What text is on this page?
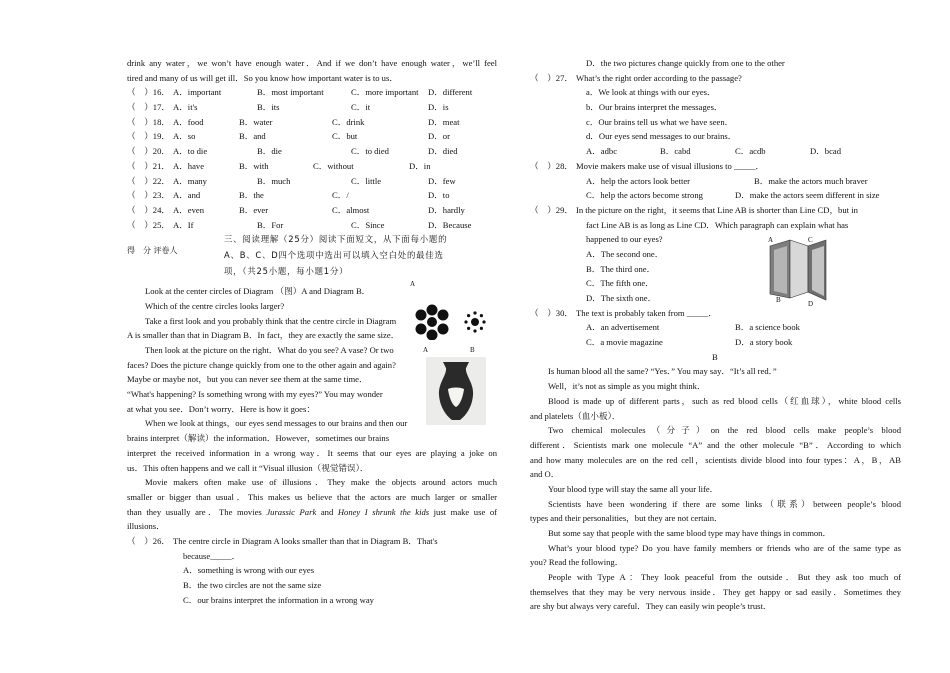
drink any water，we won’t have enough water．And if we don’t have enough water，we’ll feel
tired and many of us will get ill．So you know how important water is to us．
（　）16． A．important	B．most important	C．more important D．different
（　）17． A．it's	B．its	C．it	D．is
（　）18． A．food	B．water	C．drink	D．meat
（　）19． A．so	B．and	C．but	D．or
（　）20． A．to die	B．die	C．to died	D．died
（　）21． A．have	B．with	C．without	D．in
（　）22． A．many	B．much	C．little	D．few
（　）23． A．and	B．the	C．/	D．to
（　）24． A．even	B．ever	C．almost	D．hardly
（　）25． A．If	B．For	C．Since	D．Because
得　分 评卷人
三、阅读理解（25分）阅读下面短文，从下面每小题的
A、B、C、D四个选项中选出可以填入空白处的最佳选
项，（共25小题，每小题1分）
Look at the center circles of Diagram （图）A and Diagram B．
Which of the centre circles looks larger?
Take a first look and you probably think that the centre circle in Diagram
A is smaller than that in Diagram B．In fact，they are exactly the same size．
Then look at the picture on the right．What do you see? A vase? Or two
faces? Does the picture change quickly from one to the other again and again?
Maybe or maybe not，but you can never see them at the same time．
“What's happening? Is something wrong with my eyes?” You may wonder
at what you see．Don’t worry．Here is how it goes：
When we look at things，our eyes send messages to our brains and then our
brains interpret（解读）the information．However，sometimes our brains
interpret the received information in a wrong way．It seems that our eyes are playing a joke on
us．This often happens and we call it “Visual illusion（视觉错误）．
Movie makers often make use of illusions．They make the objects around actors much
smaller or bigger than usual．This makes us believe that the actors are much larger or smaller
than they usually are．The movies Jurassic Park and Honey I shrunk the kids just make use of
illusions．
（　）26． The centre circle in Diagram A looks smaller than that in Diagram B．That's
because_____．
A．something is wrong with our eyes
B．the two circles are not the same size
C．our brains interpret the information in a wrong way
A
A	B
D．the two pictures change quickly from one to the other
（　）27． What’s the right order according to the passage?
a．We look at things with our eyes．
b．Our brains interpret the messages．
c．Our brains tell us what we have seen．
d．Our eyes send messages to our brains．
A．adbc	B．cabd	C．acdb	D．bcad
（　）28． Movie makers make use of visual illusions to _____．
A．help the actors look better	B．make the actors much braver
C．help the actors become strong	D．make the actors seem different in size
（　）29． In the picture on the right，it seems that Line AB is shorter than Line CD，but in
fact Line AB is as long as Line CD．Which paragraph can explain what has
happened to our eyes?
A．The second one．
B．The third one．
C．The fifth one．
D．The sixth one．
（　）30． The text is probably taken from _____．
A．an advertisement	B．a science book
C．a movie magazine	D．a story book
B
Is human blood all the same? “Yes．” You may say．“It’s all red．”
Well，it’s not as simple as you might think．
Blood is made up of different parts，such as red blood cells（红血球），white blood cells
and platelets（血小板）．
Two chemical molecules（分子）on the red blood cells make people’s blood
different．Scientists mark one molecule “A” and the other molecule “B”．According to which
and how many molecules are on the red cell，scientists divide blood into four types：A，B，AB
and O．
Your blood type will stay the same all your life．
Scientists have been wondering if there are some links（联系）between people’s blood
types and their personalities，but they are not certain．
But some say that people with the same blood type may have things in common．
What’s your blood type? Do you have family members or friends who are of the same type as
you? Read the following．
People with Type A：They look peaceful from the outside．But they ask too much of
themselves that they may be very nervous inside．They get happy or sad easily．Sometimes they
are shy but always very careful．They can easily win people’s trust．
A	C
B	D
